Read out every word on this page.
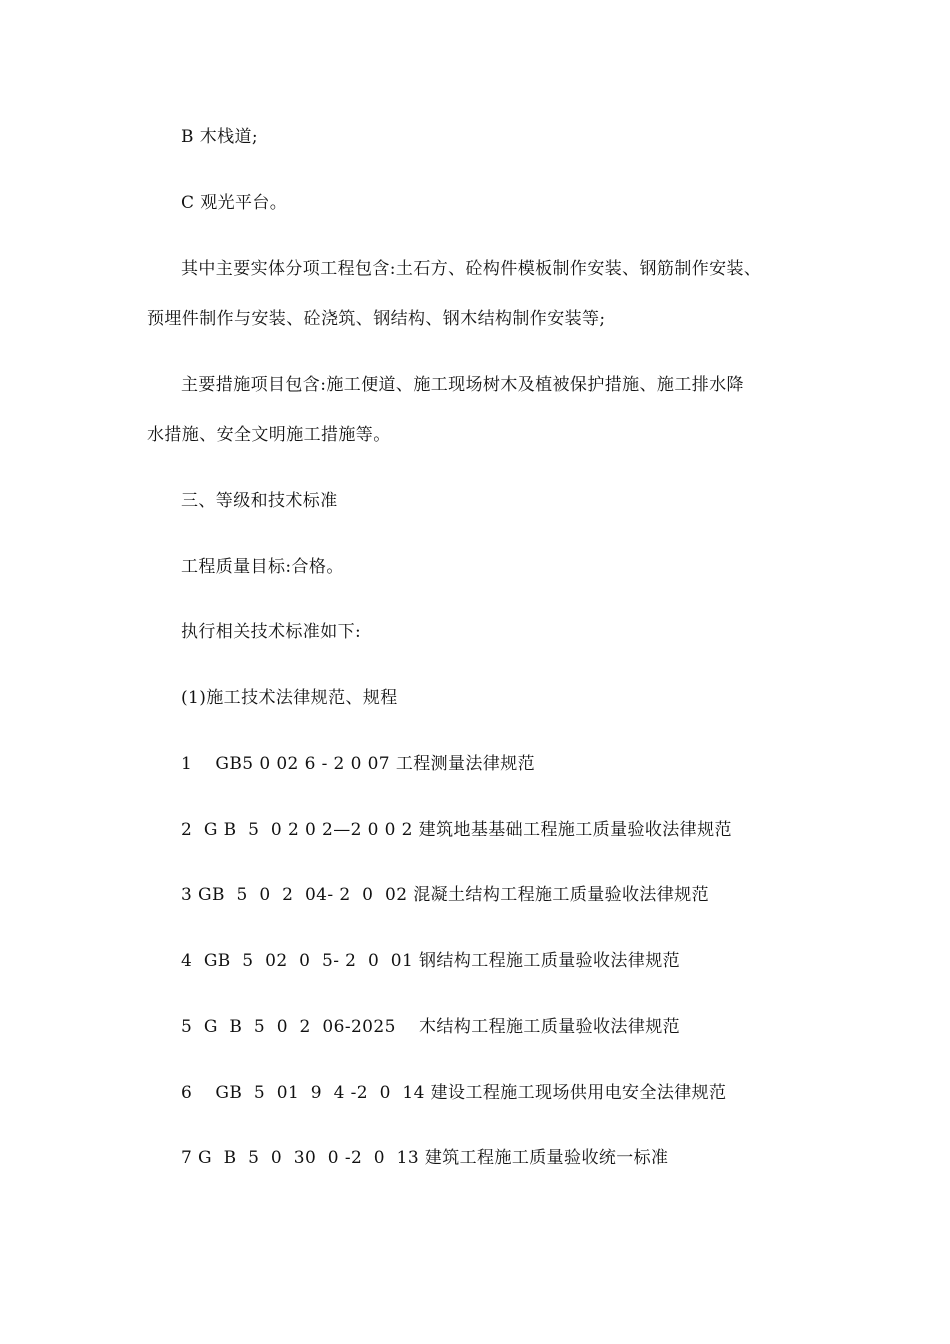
B 木栈道;
C 观光平台。
其中主要实体分项工程包含:土石方、砼构件模板制作安装、钢筋制作安装、
预埋件制作与安装、砼浇筑、钢结构、钢木结构制作安装等;
主要措施项目包含:施工便道、施工现场树木及植被保护措施、施工排水降
水措施、安全文明施工措施等。
三、等级和技术标准
工程质量目标:合格。
执行相关技术标准如下:
(1)施工技术法律规范、规程
1    GB5 0 02 6 - 2 0 07 工程测量法律规范
2  G B  5  0 2 0 2—2 0 0 2 建筑地基基础工程施工质量验收法律规范
3 GB  5  0  2  04- 2  0  02 混凝土结构工程施工质量验收法律规范
4  GB  5  02  0  5- 2  0  01 钢结构工程施工质量验收法律规范
5  G  B  5  0  2  06-2025    木结构工程施工质量验收法律规范
6    GB  5  01  9  4 -2  0  14 建设工程施工现场供用电安全法律规范
7 G  B  5  0  30  0 -2  0  13 建筑工程施工质量验收统一标准
